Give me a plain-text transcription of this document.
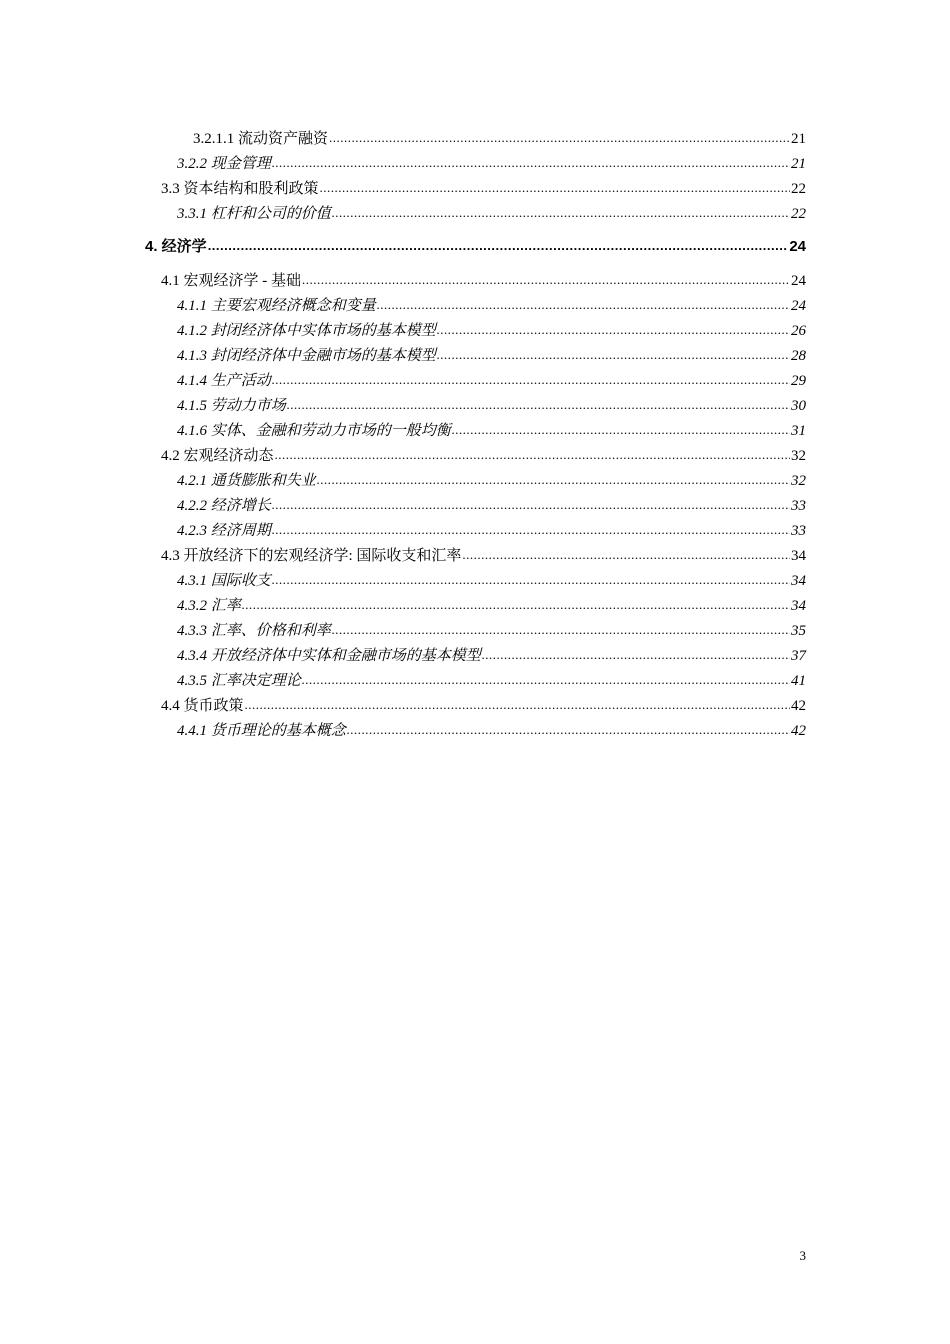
3.2.1.1 流动资产融资 .....	21
3.2.2 现金管理 .....	21
3.3 资本结构和股利政策 .....	22
3.3.1 杠杆和公司的价值 .....	22
4. 经济学 .....	24
4.1 宏观经济学 - 基础 .....	24
4.1.1 主要宏观经济概念和变量 .....	24
4.1.2 封闭经济体中实体市场的基本模型 .....	26
4.1.3 封闭经济体中金融市场的基本模型 .....	28
4.1.4 生产活动 .....	29
4.1.5 劳动力市场 .....	30
4.1.6 实体、金融和劳动力市场的一般均衡 .....	31
4.2 宏观经济动态 .....	32
4.2.1 通货膨胀和失业 .....	32
4.2.2 经济增长 .....	33
4.2.3 经济周期 .....	33
4.3 开放经济下的宏观经济学: 国际收支和汇率 .....	34
4.3.1 国际收支 .....	34
4.3.2 汇率 .....	34
4.3.3 汇率、价格和利率 .....	35
4.3.4 开放经济体中实体和金融市场的基本模型 .....	37
4.3.5 汇率决定理论 .....	41
4.4 货币政策 .....	42
4.4.1 货币理论的基本概念 .....	42
3
